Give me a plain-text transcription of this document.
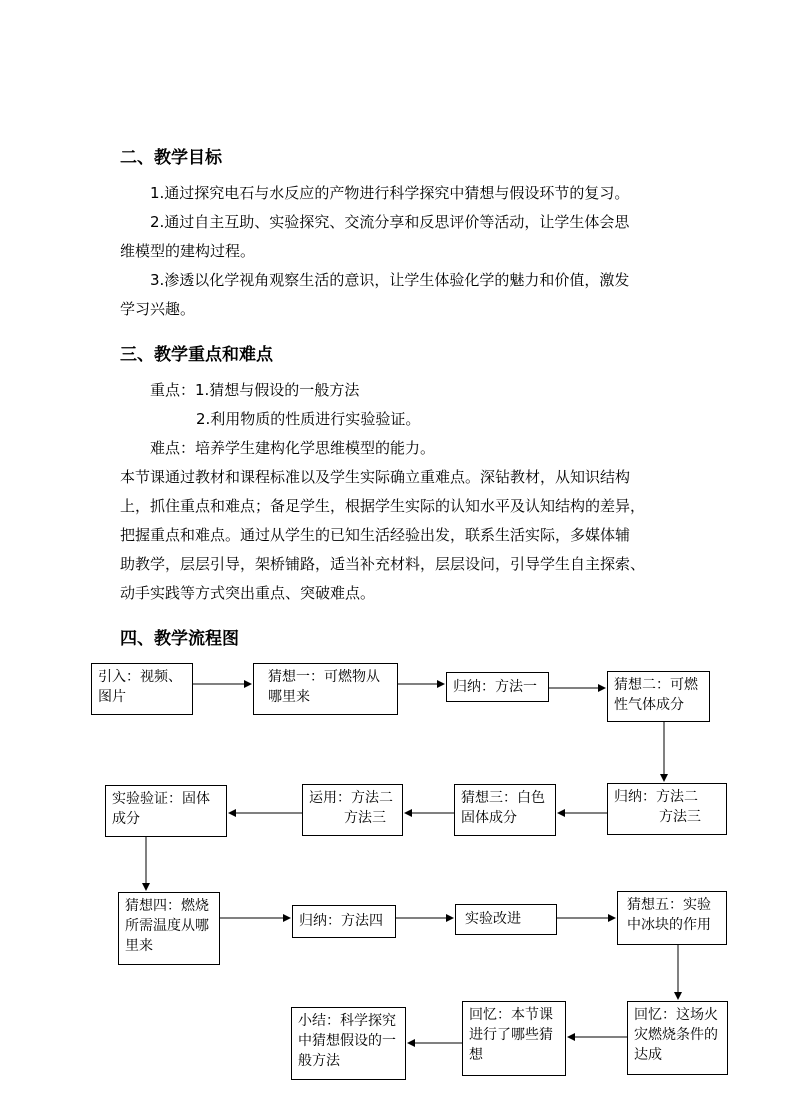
二、教学目标
1.通过探究电石与水反应的产物进行科学探究中猜想与假设环节的复习。
2.通过自主互助、实验探究、交流分享和反思评价等活动，让学生体会思
维模型的建构过程。
3.渗透以化学视角观察生活的意识，让学生体验化学的魅力和价值，激发
学习兴趣。
三、教学重点和难点
重点：1.猜想与假设的一般方法
2.利用物质的性质进行实验验证。
难点：培养学生建构化学思维模型的能力。
本节课通过教材和课程标准以及学生实际确立重难点。深钻教材，从知识结构
上，抓住重点和难点；备足学生，根据学生实际的认知水平及认知结构的差异，
把握重点和难点。通过从学生的已知生活经验出发，联系生活实际，多媒体辅
助教学，层层引导，架桥铺路，适当补充材料，层层设问，引导学生自主探索、
动手实践等方式突出重点、突破难点。
四、教学流程图
引入：视频、图片
猜想一：可燃物从哪里来
归纳：方法一	猜想二：可燃性气体成分
归纳：方法二
方法三
猜想三：白色固体成分
运用：方法二
方法三
实验验证：固体成分
猜想四：燃烧所需温度从哪里来
归纳：方法四	实验改进
猜想五：实验中冰块的作用
回忆：这场火灾燃烧条件的达成
回忆：本节课进行了哪些猜想
小结：科学探究中猜想假设的一般方法
